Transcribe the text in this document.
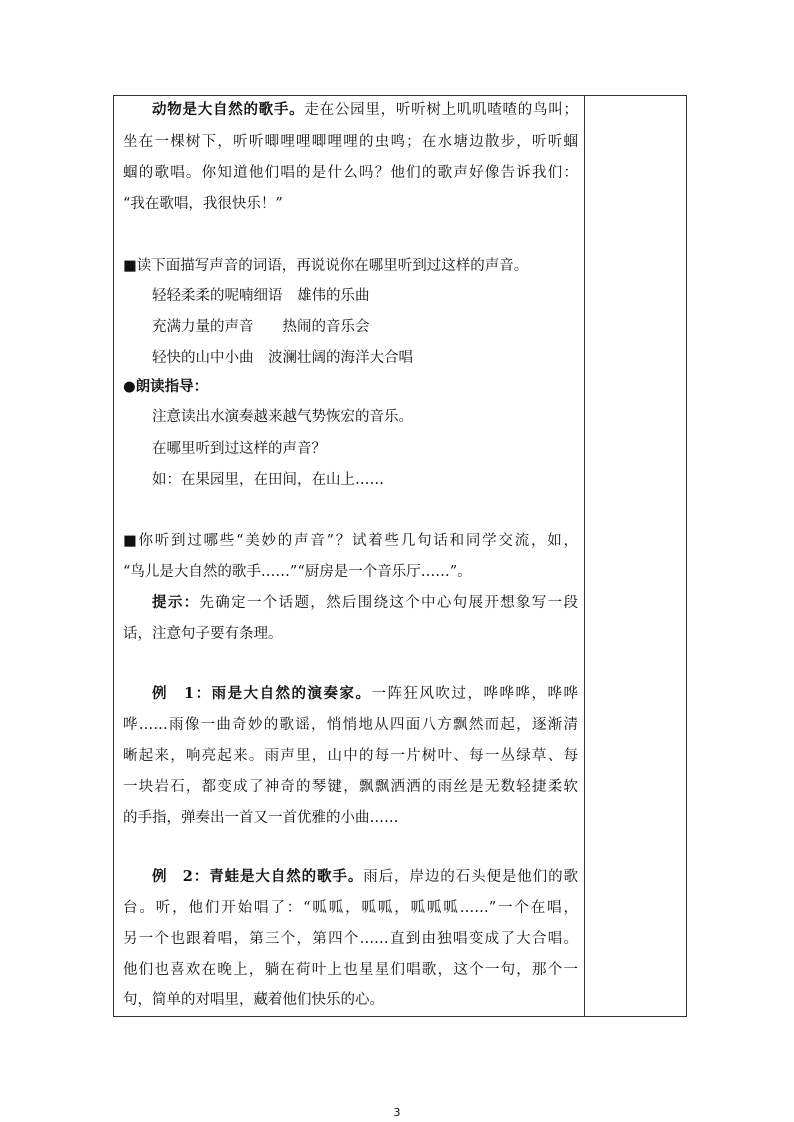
动物是大自然的歌手。走在公园里，听听树上叽叽喳喳的鸟叫；
坐在一棵树下，听听唧哩哩唧哩哩的虫鸣；在水塘边散步，听听蝈
蝈的歌唱。你知道他们唱的是什么吗？他们的歌声好像告诉我们：
“我在歌唱，我很快乐！”
■读下面描写声音的词语，再说说你在哪里听到过这样的声音。
轻轻柔柔的呢喃细语　雄伟的乐曲
充满力量的声音　　热闹的音乐会
轻快的山中小曲　波澜壮阔的海洋大合唱
●朗读指导：
注意读出水演奏越来越气势恢宏的音乐。
在哪里听到过这样的声音？
如：在果园里，在田间，在山上……
■你听到过哪些“美妙的声音”？试着些几句话和同学交流，如，
“鸟儿是大自然的歌手……”“厨房是一个音乐厅……”。
提示：先确定一个话题，然后围绕这个中心句展开想象写一段
话，注意句子要有条理。
例　1：雨是大自然的演奏家。一阵狂风吹过，哗哗哗，哗哗
哗……雨像一曲奇妙的歌谣，悄悄地从四面八方飘然而起，逐渐清
晰起来，响亮起来。雨声里，山中的每一片树叶、每一丛绿草、每
一块岩石，都变成了神奇的琴键，飘飘洒洒的雨丝是无数轻捷柔软
的手指，弹奏出一首又一首优雅的小曲……
例　2：青蛙是大自然的歌手。雨后，岸边的石头便是他们的歌
台。听，他们开始唱了：“呱呱，呱呱，呱呱呱……”一个在唱，
另一个也跟着唱，第三个，第四个……直到由独唱变成了大合唱。
他们也喜欢在晚上，躺在荷叶上也星星们唱歌，这个一句，那个一
句，简单的对唱里，藏着他们快乐的心。
3
